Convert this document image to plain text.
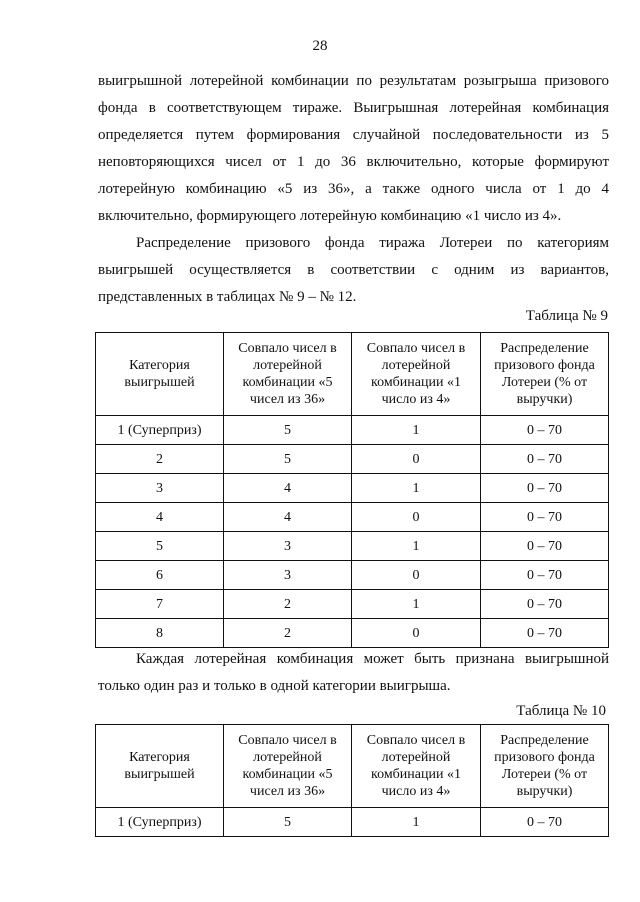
28

выигрышной лотерейной комбинации по результатам розыгрыша призового фонда в соответствующем тираже. Выигрышная лотерейная комбинация определяется путем формирования случайной последовательности из 5 неповторяющихся чисел от 1 до 36 включительно, которые формируют лотерейную комбинацию «5 из 36», а также одного числа от 1 до 4 включительно, формирующего лотерейную комбинацию «1 число из 4».

Распределение призового фонда тиража Лотереи по категориям выигрышей осуществляется в соответствии с одним из вариантов, представленных в таблицах № 9 – № 12.

Таблица № 9
Категория выигрышей	Совпало чисел в лотерейной комбинации «5 чисел из 36»	Совпало чисел в лотерейной комбинации «1 число из 4»	Распределение призового фонда Лотереи (% от выручки)
1 (Суперприз)	5	1	0 – 70
2	5	0	0 – 70
3	4	1	0 – 70
4	4	0	0 – 70
5	3	1	0 – 70
6	3	0	0 – 70
7	2	1	0 – 70
8	2	0	0 – 70

Каждая лотерейная комбинация может быть признана выигрышной только один раз и только в одной категории выигрыша.

Таблица № 10
Категория выигрышей	Совпало чисел в лотерейной комбинации «5 чисел из 36»	Совпало чисел в лотерейной комбинации «1 число из 4»	Распределение призового фонда Лотереи (% от выручки)
1 (Суперприз)	5	1	0 – 70
